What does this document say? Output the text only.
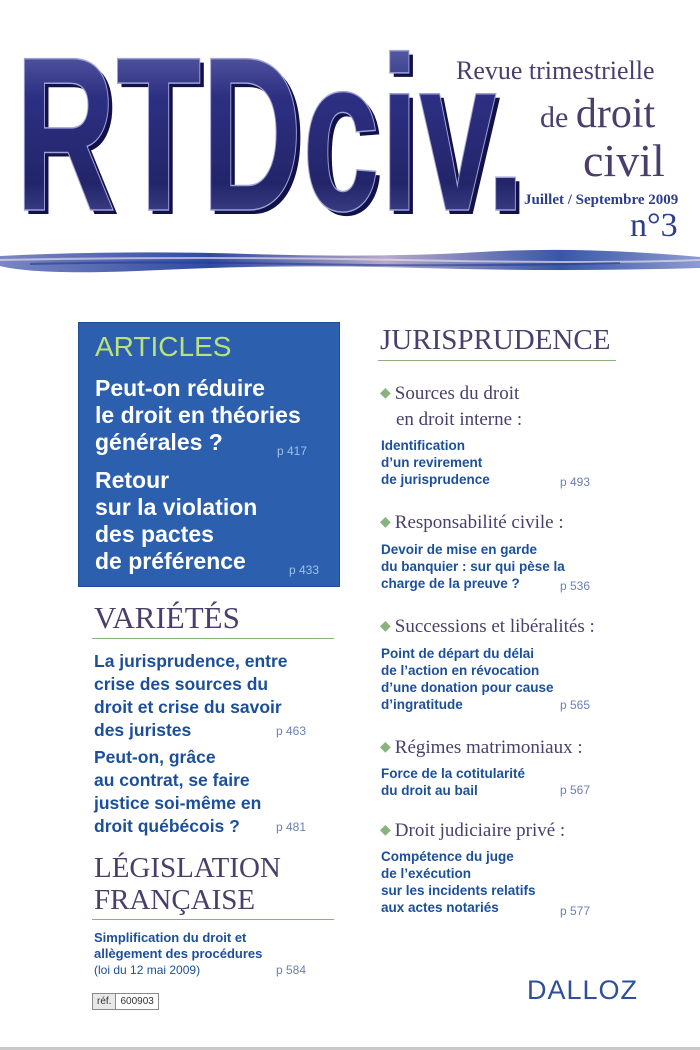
RTDciv.
RTDciv.
Revue trimestrielle
de droit
civil
Juillet / Septembre 2009
n°3
ARTICLES
Peut-on réduire
le droit en théories
générales ?	p 417
Retour
sur la violation
des pactes
de préférence	p 433
VARIÉTÉS
La jurisprudence, entre
crise des sources du
droit et crise du savoir
des juristes	p 463
Peut-on, grâce
au contrat, se faire
justice soi-même en
droit québécois ?	p 481
LÉGISLATION
FRANÇAISE
Simplification du droit et
allègement des procédures
(loi du 12 mai 2009)	p 584
JURISPRUDENCE
◆ Sources du droit
en droit interne :
Identification
d’un revirement
de jurisprudence	p 493
◆ Responsabilité civile :
Devoir de mise en garde
du banquier : sur qui pèse la
charge de la preuve ?	p 536
◆ Successions et libéralités :
Point de départ du délai
de l’action en révocation
d’une donation pour cause
d’ingratitude	p 565
◆ Régimes matrimoniaux :
Force de la cotitularité
du droit au bail	p 567
◆ Droit judiciaire privé :
Compétence du juge
de l’exécution
sur les incidents relatifs
aux actes notariés	p 577
réf. 600903	DALLOZ
